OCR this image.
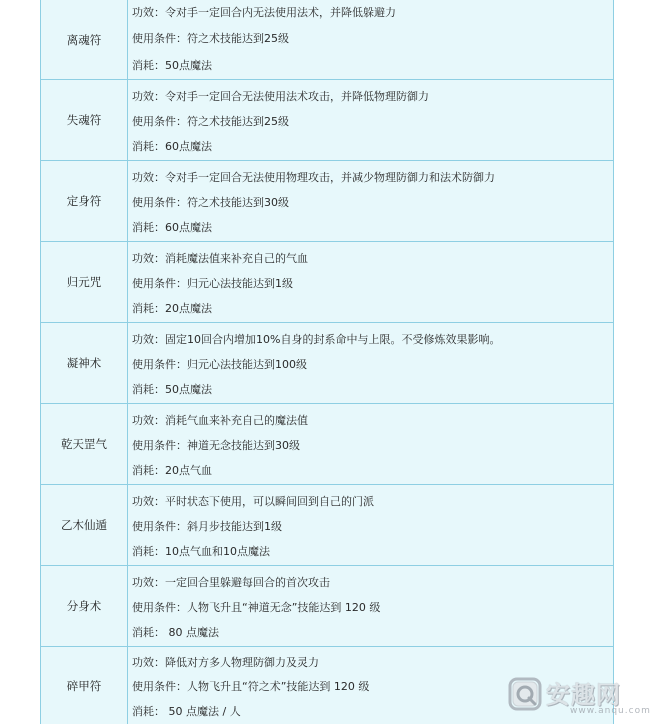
离魂符
功效：令对手一定回合内无法使用法术，并降低躲避力
使用条件：符之术技能达到25级
消耗：50点魔法
失魂符
功效：令对手一定回合无法使用法术攻击，并降低物理防御力
使用条件：符之术技能达到25级
消耗：60点魔法
定身符
功效：令对手一定回合无法使用物理攻击，并减少物理防御力和法术防御力
使用条件：符之术技能达到30级
消耗：60点魔法
归元咒
功效：消耗魔法值来补充自己的气血
使用条件：归元心法技能达到1级
消耗：20点魔法
凝神术
功效：固定10回合内增加10%自身的封系命中与上限。不受修炼效果影响。
使用条件：归元心法技能达到100级
消耗：50点魔法
乾天罡气
功效：消耗气血来补充自己的魔法值
使用条件：神道无念技能达到30级
消耗：20点气血
乙木仙遁
功效：平时状态下使用，可以瞬间回到自己的门派
使用条件：斜月步技能达到1级
消耗：10点气血和10点魔法
分身术
功效：一定回合里躲避每回合的首次攻击
使用条件：人物飞升且“神道无念”技能达到 120 级
消耗： 80 点魔法
碎甲符
功效：降低对方多人物理防御力及灵力
使用条件：人物飞升且“符之术”技能达到 120 级
消耗： 50 点魔法 / 人
安趣网
www.anqu.com
